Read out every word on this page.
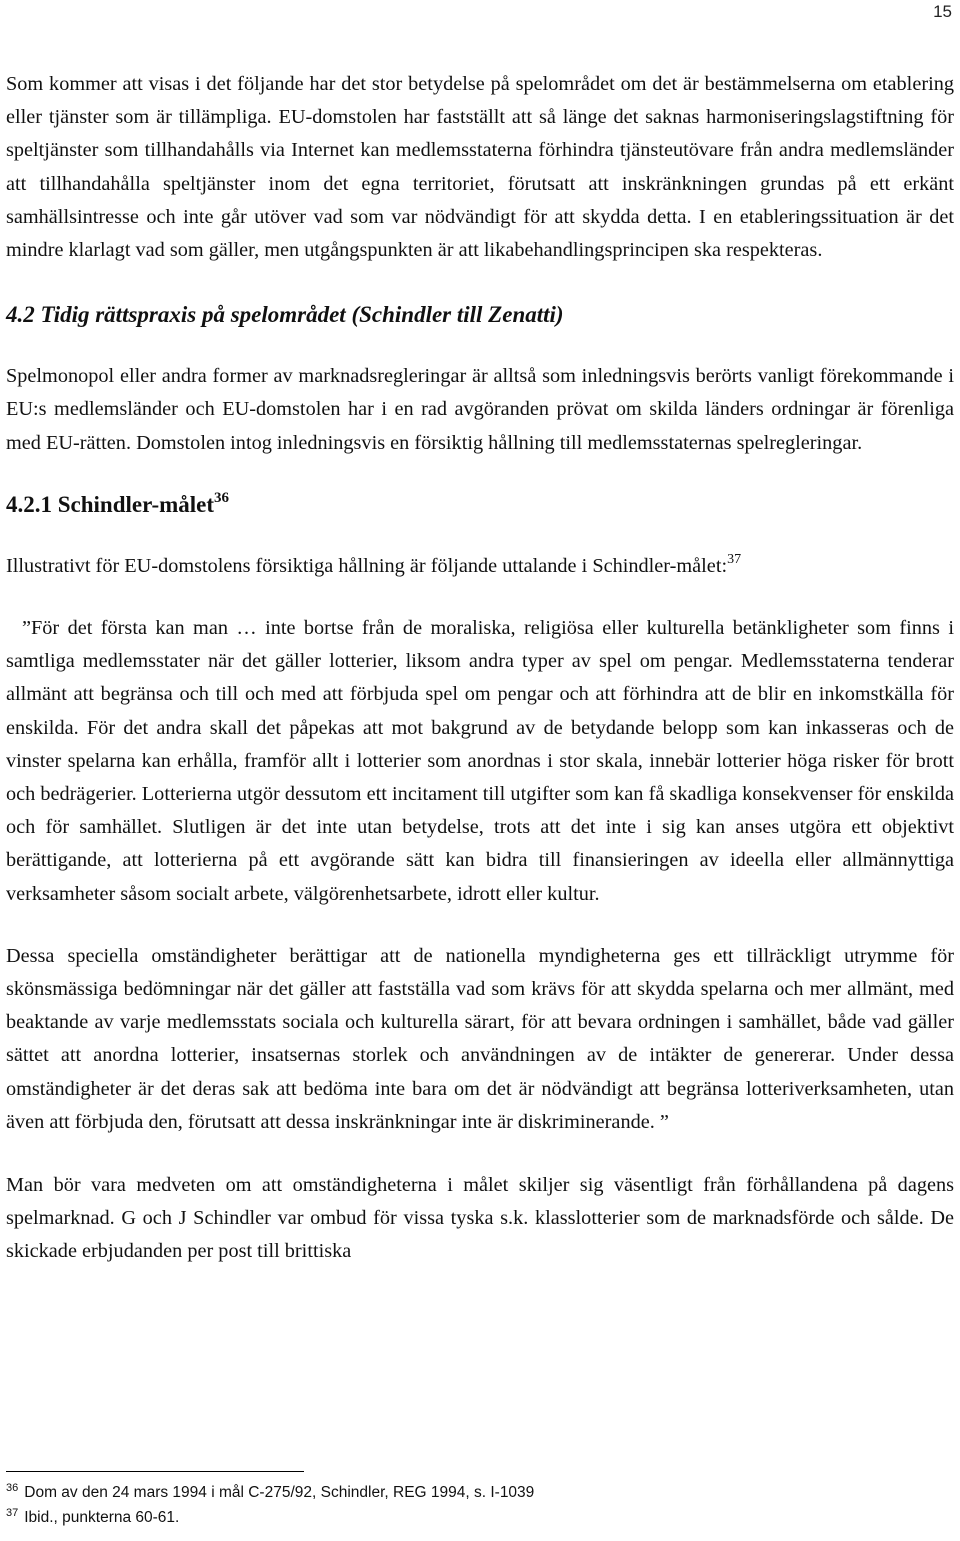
15

Som kommer att visas i det följande har det stor betydelse på spelområdet om det är bestämmelserna om etablering eller tjänster som är tillämpliga. EU-domstolen har fastställt att så länge det saknas harmoniseringslagstiftning för speltjänster som tillhandahålls via Internet kan medlemsstaterna förhindra tjänsteutövare från andra medlemsländer att tillhandahålla speltjänster inom det egna territoriet, förutsatt att inskränkningen grundas på ett erkänt samhällsintresse och inte går utöver vad som var nödvändigt för att skydda detta. I en etableringssituation är det mindre klarlagt vad som gäller, men utgångspunkten är att likabehandlingsprincipen ska respekteras.

4.2 Tidig rättspraxis på spelområdet (Schindler till Zenatti)

Spelmonopol eller andra former av marknadsregleringar är alltså som inledningsvis berörts vanligt förekommande i EU:s medlemsländer och EU-domstolen har i en rad avgöranden prövat om skilda länders ordningar är förenliga med EU-rätten. Domstolen intog inledningsvis en försiktig hållning till medlemsstaternas spelregleringar.

4.2.1 Schindler-målet$^{36}$

Illustrativt för EU-domstolens försiktiga hållning är följande uttalande i Schindler-målet:$^{37}$

”För det första kan man … inte bortse från de moraliska, religiösa eller kulturella betänkligheter som finns i samtliga medlemsstater när det gäller lotterier, liksom andra typer av spel om pengar. Medlemsstaterna tenderar allmänt att begränsa och till och med att förbjuda spel om pengar och att förhindra att de blir en inkomstkälla för enskilda. För det andra skall det påpekas att mot bakgrund av de betydande belopp som kan inkasseras och de vinster spelarna kan erhålla, framför allt i lotterier som anordnas i stor skala, innebär lotterier höga risker för brott och bedrägerier. Lotterierna utgör dessutom ett incitament till utgifter som kan få skadliga konsekvenser för enskilda och för samhället. Slutligen är det inte utan betydelse, trots att det inte i sig kan anses utgöra ett objektivt berättigande, att lotterierna på ett avgörande sätt kan bidra till finansieringen av ideella eller allmännyttiga verksamheter såsom socialt arbete, välgörenhetsarbete, idrott eller kultur.

Dessa speciella omständigheter berättigar att de nationella myndigheterna ges ett tillräckligt utrymme för skönsmässiga bedömningar när det gäller att fastställa vad som krävs för att skydda spelarna och mer allmänt, med beaktande av varje medlemsstats sociala och kulturella särart, för att bevara ordningen i samhället, både vad gäller sättet att anordna lotterier, insatsernas storlek och användningen av de intäkter de genererar. Under dessa omständigheter är det deras sak att bedöma inte bara om det är nödvändigt att begränsa lotteriverksamheten, utan även att förbjuda den, förutsatt att dessa inskränkningar inte är diskriminerande. ”

Man bör vara medveten om att omständigheterna i målet skiljer sig väsentligt från förhållandena på dagens spelmarknad. G och J Schindler var ombud för vissa tyska s.k. klasslotterier som de marknadsförde och sålde. De skickade erbjudanden per post till brittiska

$^{36}$ Dom av den 24 mars 1994 i mål C-275/92, Schindler, REG 1994, s. I-1039

$^{37}$ Ibid., punkterna 60-61.
